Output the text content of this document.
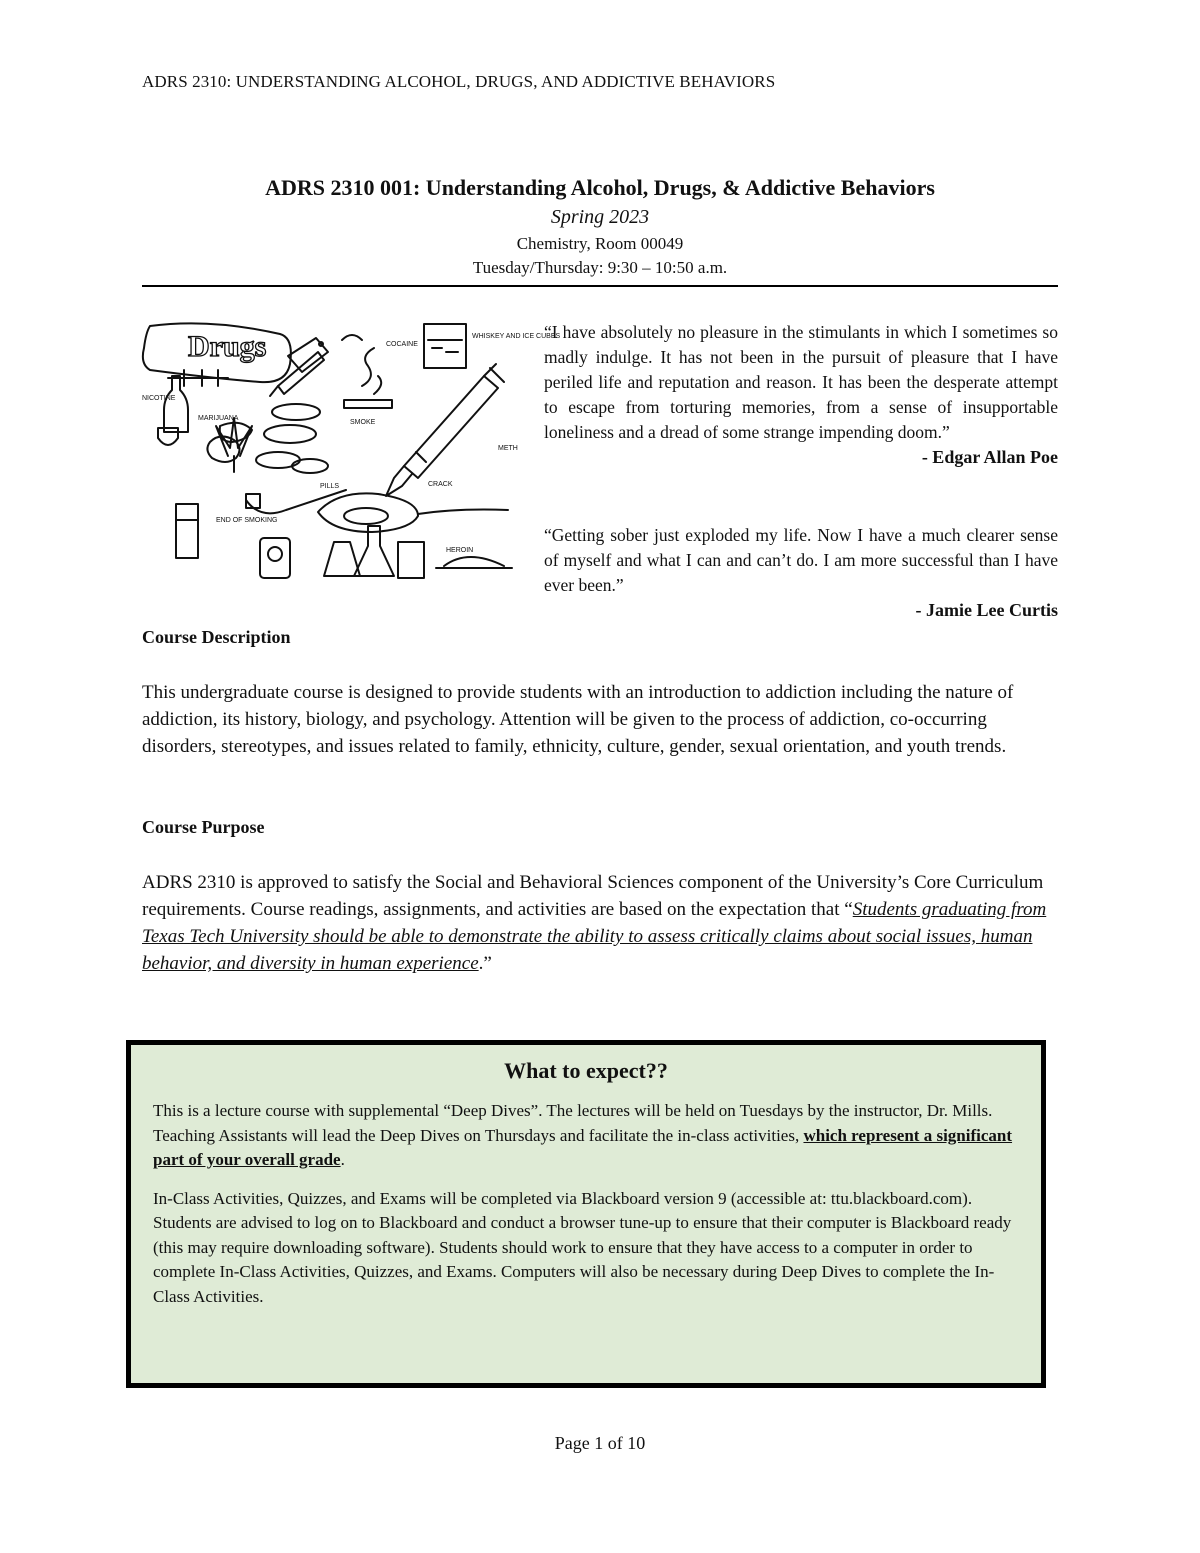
ADRS 2310: UNDERSTANDING ALCOHOL, DRUGS, AND ADDICTIVE BEHAVIORS
ADRS 2310 001: Understanding Alcohol, Drugs, & Addictive Behaviors
Spring 2023
Chemistry, Room 00049
Tuesday/Thursday: 9:30 – 10:50 a.m.
Drugs
NICOTINE
MARIJUANA
SMOKE
PILLS
HEROIN
END OF SMOKING
WHISKEY AND ICE CUBES
METH
CRACK
COCAINE
“I have absolutely no pleasure in the stimulants in which I sometimes so madly indulge. It has not been in the pursuit of pleasure that I have periled life and reputation and reason. It has been the desperate attempt to escape from torturing memories, from a sense of insupportable loneliness and a dread of some strange impending doom.”
- Edgar Allan Poe
“Getting sober just exploded my life. Now I have a much clearer sense of myself and what I can and can’t do. I am more successful than I have ever been.”
- Jamie Lee Curtis
Course Description
This undergraduate course is designed to provide students with an introduction to addiction including the nature of addiction, its history, biology, and psychology. Attention will be given to the process of addiction, co-occurring disorders, stereotypes, and issues related to family, ethnicity, culture, gender, sexual orientation, and youth trends.
Course Purpose
ADRS 2310 is approved to satisfy the Social and Behavioral Sciences component of the University’s Core Curriculum requirements. Course readings, assignments, and activities are based on the expectation that “Students graduating from Texas Tech University should be able to demonstrate the ability to assess critically claims about social issues, human behavior, and diversity in human experience.”
What to expect??

This is a lecture course with supplemental “Deep Dives”. The lectures will be held on Tuesdays by the instructor, Dr. Mills. Teaching Assistants will lead the Deep Dives on Thursdays and facilitate the in-class activities, which represent a significant part of your overall grade.

In-Class Activities, Quizzes, and Exams will be completed via Blackboard version 9 (accessible at: ttu.blackboard.com). Students are advised to log on to Blackboard and conduct a browser tune-up to ensure that their computer is Blackboard ready (this may require downloading software). Students should work to ensure that they have access to a computer in order to complete In-Class Activities, Quizzes, and Exams. Computers will also be necessary during Deep Dives to complete the In-Class Activities.

Page 1 of 10
